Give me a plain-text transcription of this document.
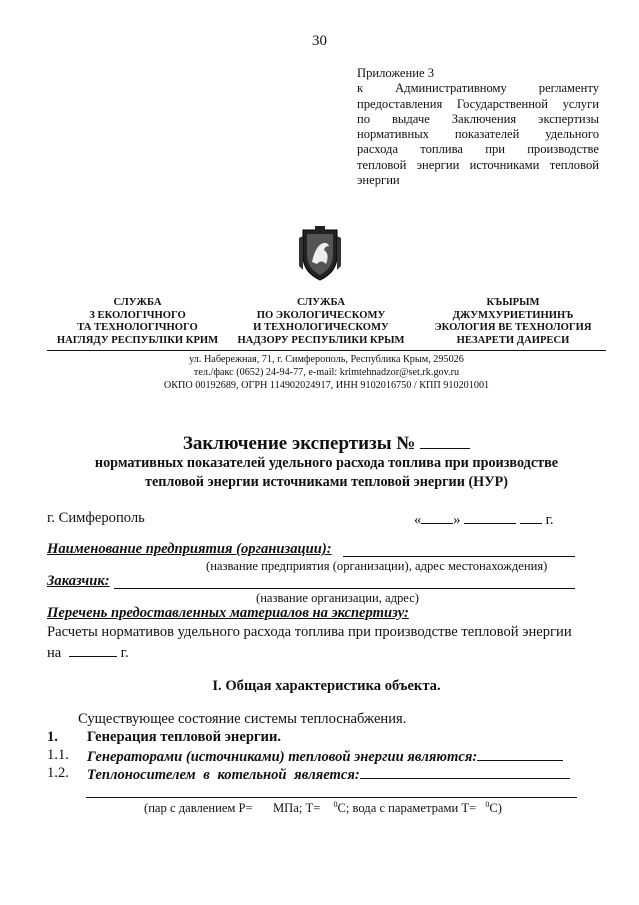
30
Приложение 3
к Административному регламенту
предоставления Государственной услуги
по выдаче Заключения экспертизы
нормативных показателей удельного
расхода топлива при производстве
тепловой энергии источниками тепловой
энергии
СЛУЖБА
З ЕКОЛОГІЧНОГО
ТА ТЕХНОЛОГІЧНОГО
НАГЛЯДУ РЕСПУБЛІКИ КРИМ
СЛУЖБА
ПО ЭКОЛОГИЧЕСКОМУ
И ТЕХНОЛОГИЧЕСКОМУ
НАДЗОРУ РЕСПУБЛИКИ КРЫМ
КЪЫРЫМ
ДЖУМХУРИЕТИНИНЪ
ЭКОЛОГИЯ ВЕ ТЕХНОЛОГИЯ
НЕЗАРЕТИ ДАИРЕСИ
ул. Набережная, 71, г. Симферополь, Республика Крым, 295026
тел./факс (0652) 24-94-77, e-mail: krimtehnadzor@set.rk.gov.ru
ОКПО 00192689, ОГРН 114902024917, ИНН 9102016750 / КПП 910201001
Заключение экспертизы №
нормативных показателей удельного расхода топлива при производстве
тепловой энергии источниками тепловой энергии (НУР)
г. Симферополь	« »	г.
Наименование предприятия (организации):
(название предприятия (организации), адрес местонахождения)
Заказчик:
(название организации, адрес)
Перечень предоставленных материалов на экспертизу:
Расчеты нормативов удельного расхода топлива при производстве тепловой энергии
на	г.
I. Общая характеристика объекта.
Существующее состояние системы теплоснабжения.
1. Генерация тепловой энергии.
1.1. Генераторами (источниками) тепловой энергии являются:
1.2. Теплоносителем в котельной является:
(пар с давлением Р= МПа; Т= $^0$С; вода с параметрами Т= $^0$С)
